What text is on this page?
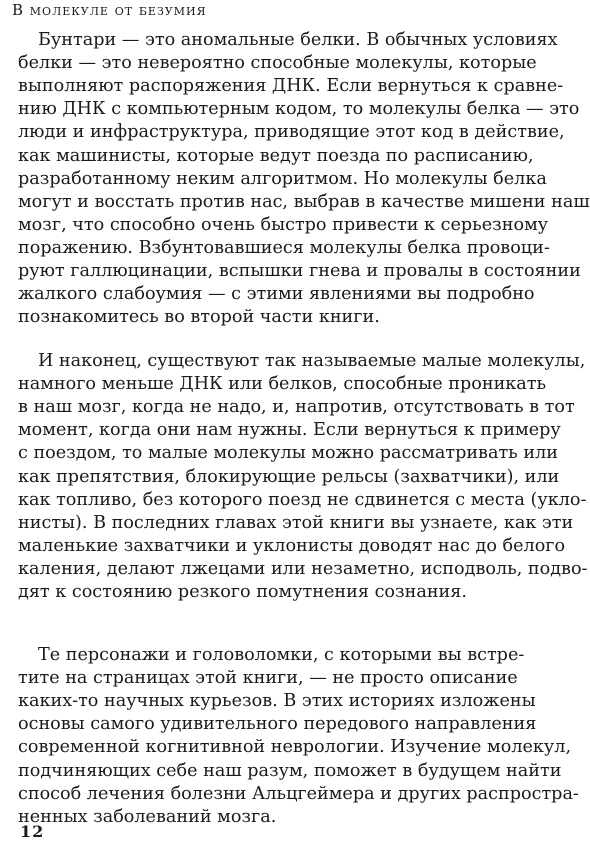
В молекуле от безумия
Бунтари — это аномальные белки. В обычных условиях
белки — это невероятно способные молекулы, которые
выполняют распоряжения ДНК. Если вернуться к сравне-
нию ДНК с компьютерным кодом, то молекулы белка — это
люди и инфраструктура, приводящие этот код в действие,
как машинисты, которые ведут поезда по расписанию,
разработанному неким алгоритмом. Но молекулы белка
могут и восстать против нас, выбрав в качестве мишени наш
мозг, что способно очень быстро привести к серьезному
поражению. Взбунтовавшиеся молекулы белка провоци-
руют галлюцинации, вспышки гнева и провалы в состоянии
жалкого слабоумия — с этими явлениями вы подробно
познакомитесь во второй части книги.
И наконец, существуют так называемые малые молекулы,
намного меньше ДНК или белков, способные проникать
в наш мозг, когда не надо, и, напротив, отсутствовать в тот
момент, когда они нам нужны. Если вернуться к примеру
с поездом, то малые молекулы можно рассматривать или
как препятствия, блокирующие рельсы (захватчики), или
как топливо, без которого поезд не сдвинется с места (укло-
нисты). В последних главах этой книги вы узнаете, как эти
маленькие захватчики и уклонисты доводят нас до белого
каления, делают лжецами или незаметно, исподволь, подво-
дят к состоянию резкого помутнения сознания.
Те персонажи и головоломки, с которыми вы встре-
тите на страницах этой книги, — не просто описание
каких-то научных курьезов. В этих историях изложены
основы самого удивительного передового направления
современной когнитивной неврологии. Изучение молекул,
подчиняющих себе наш разум, поможет в будущем найти
способ лечения болезни Альцгеймера и других распростра-
ненных заболеваний мозга.
12
